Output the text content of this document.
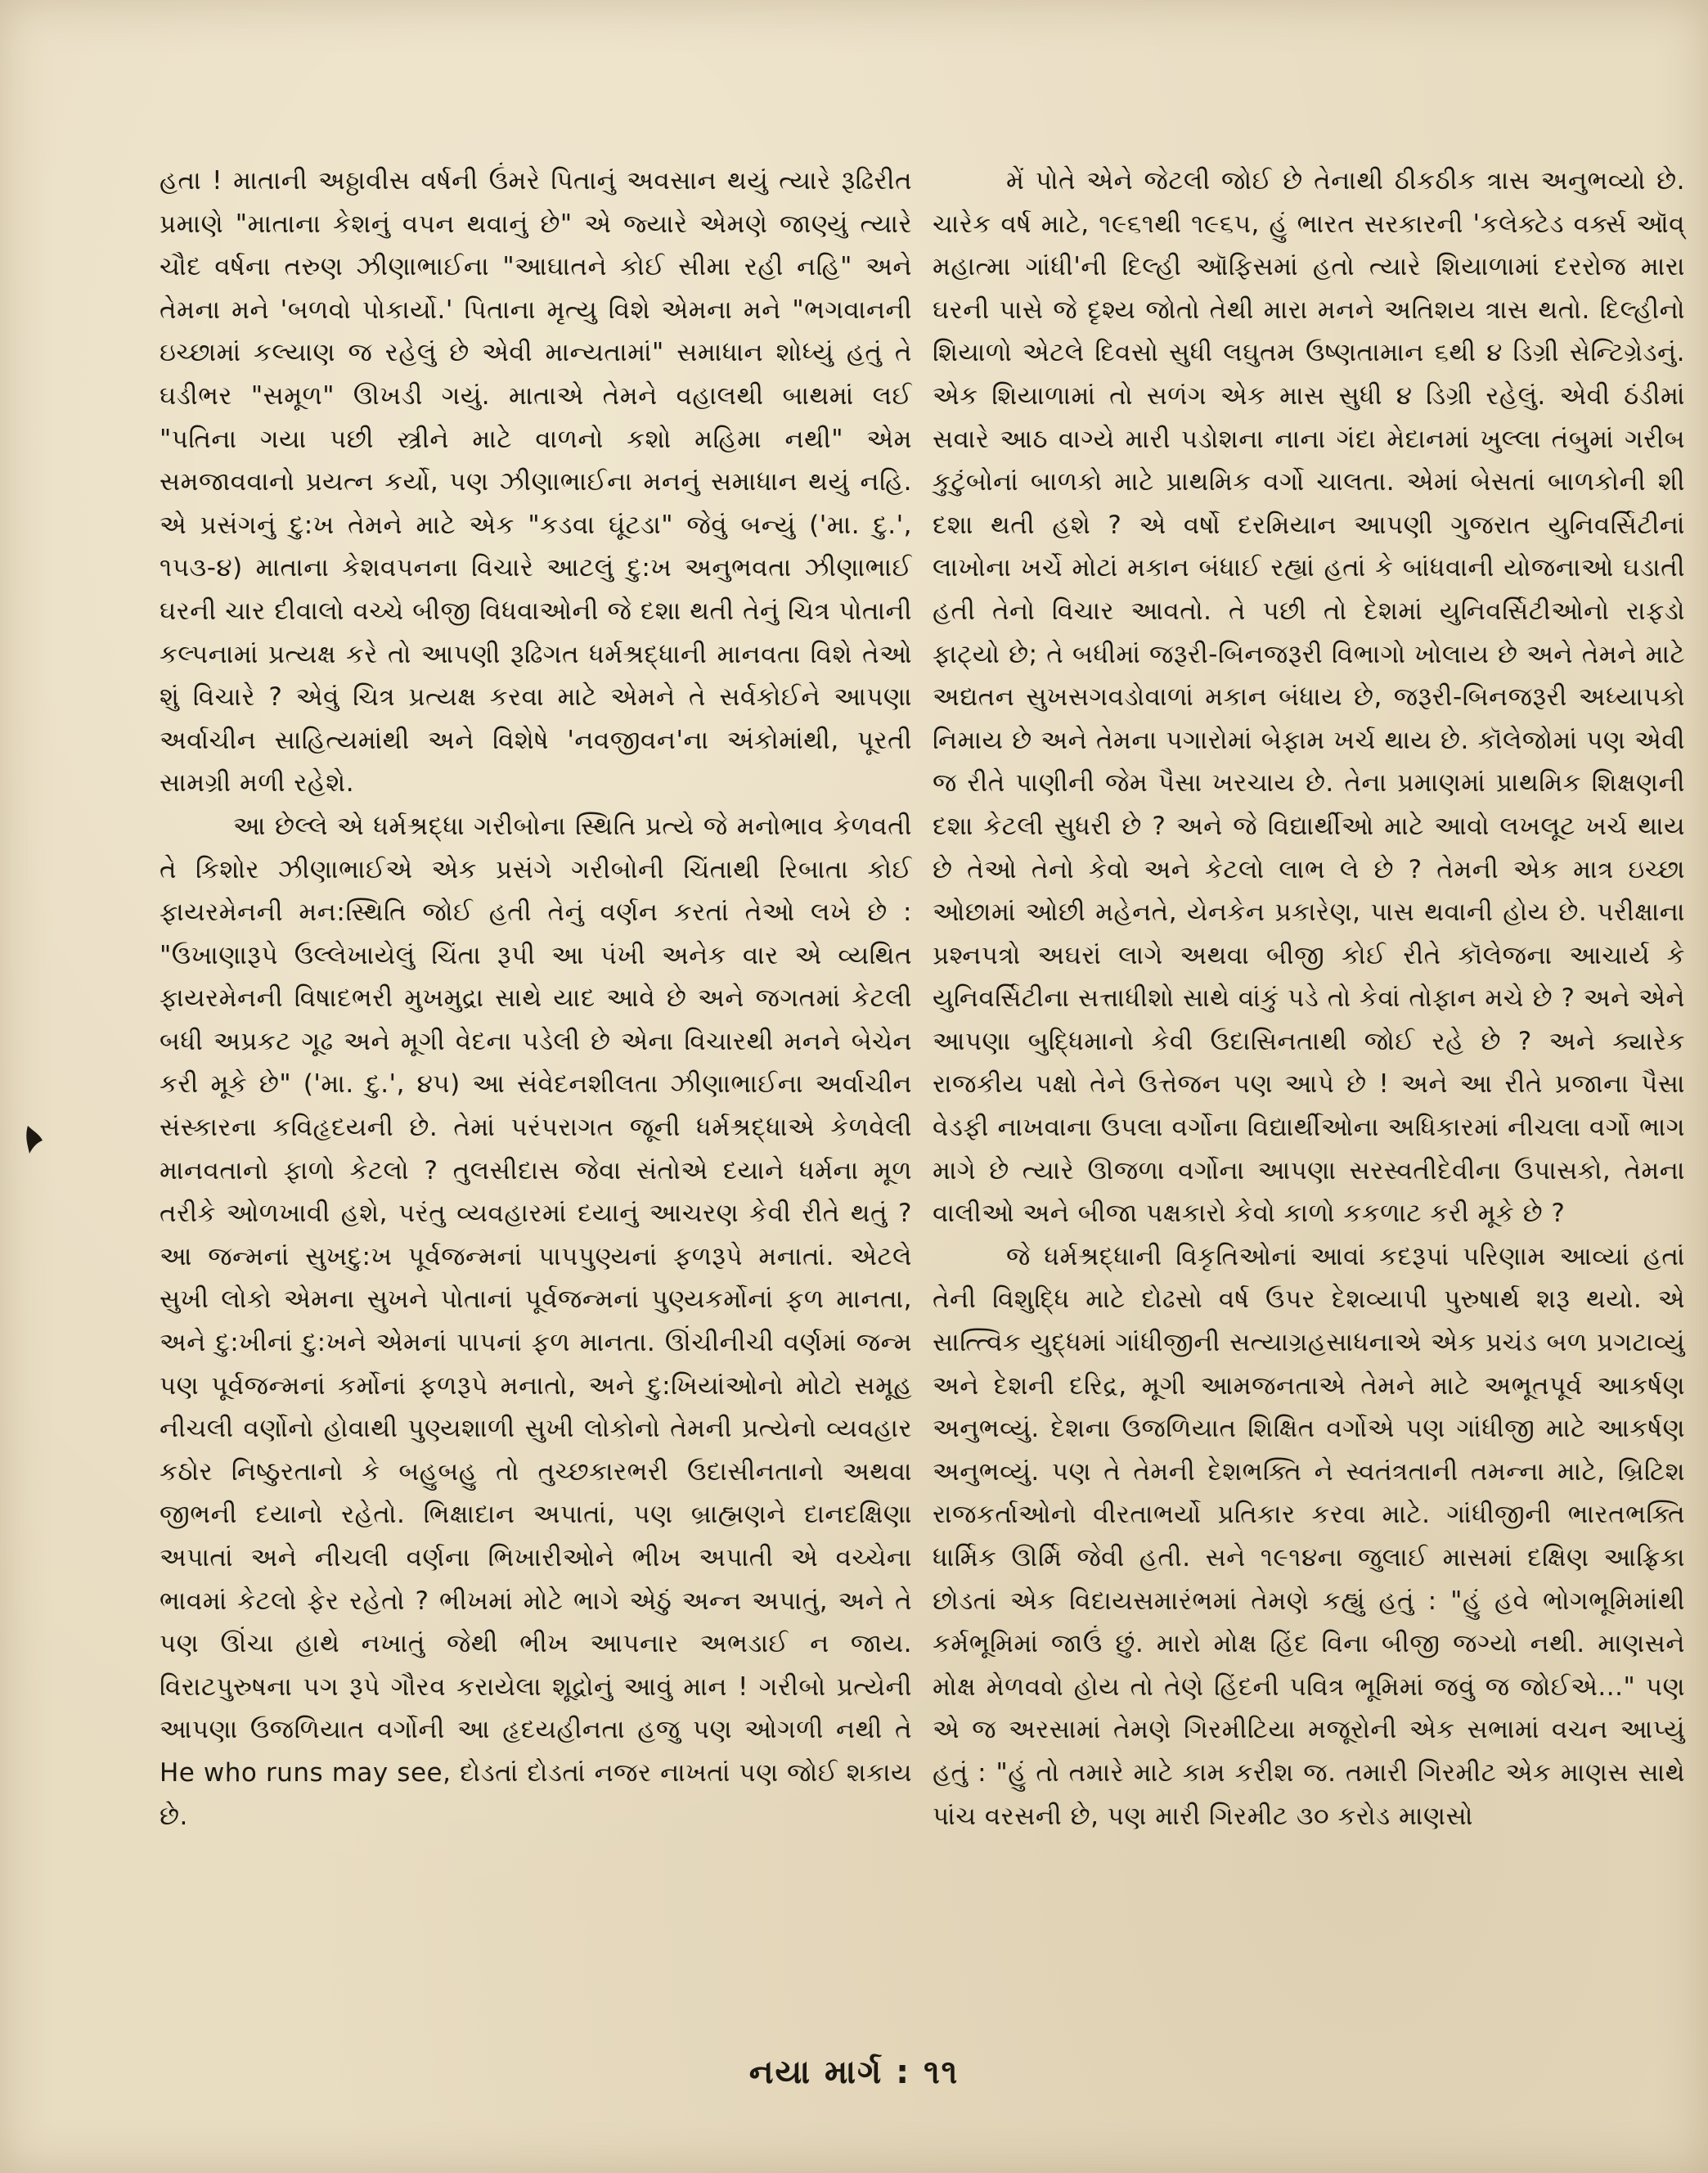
હતા ! માતાની અઠ્ઠાવીસ વર્ષની ઉંમરે પિતાનું અવસાન થયું ત્યારે રૂઢિરીત પ્રમાણે "માતાના કેશનું વપન થવાનું છે" એ જ્યારે એમણે જાણ્યું ત્યારે ચૌદ વર્ષના તરુણ ઝીણાભાઈના "આઘાતને કોઈ સીમા રહી નહિ" અને તેમના મને 'બળવો પોકાર્યો.' પિતાના મૃત્યુ વિશે એમના મને "ભગવાનની ઇચ્છામાં કલ્યાણ જ રહેલું છે એવી માન્યતામાં" સમાધાન શોધ્યું હતું તે ઘડીભર "સમૂળ" ઊખડી ગયું. માતાએ તેમને વહાલથી બાથમાં લઈ "પતિના ગયા પછી સ્ત્રીને માટે વાળનો કશો મહિમા નથી" એમ સમજાવવાનો પ્રયત્ન કર્યો, પણ ઝીણાભાઈના મનનું સમાધાન થયું નહિ. એ પ્રસંગનું દુ:ખ તેમને માટે એક "કડવા ઘૂંટડા" જેવું બન્યું ('મા. દુ.', ૧૫૩-૪) માતાના કેશવપનના વિચારે આટલું દુ:ખ અનુભવતા ઝીણાભાઈ ઘરની ચાર દીવાલો વચ્ચે બીજી વિધવાઓની જે દશા થતી તેનું ચિત્ર પોતાની કલ્પનામાં પ્રત્યક્ષ કરે તો આપણી રૂઢિગત ધર્મશ્રદ્ધાની માનવતા વિશે તેઓ શું વિચારે ? એવું ચિત્ર પ્રત્યક્ષ કરવા માટે એમને તે સર્વકોઈને આપણા અર્વાચીન સાહિત્યમાંથી અને વિશેષે 'નવજીવન'ના અંકોમાંથી, પૂરતી સામગ્રી મળી રહેશે.

આ છેલ્લે એ ધર્મશ્રદ્ધા ગરીબોના સ્થિતિ પ્રત્યે જે મનોભાવ કેળવતી તે કિશોર ઝીણાભાઈએ એક પ્રસંગે ગરીબોની ચિંતાથી રિબાતા કોઈ ફાયરમેનની મન:સ્થિતિ જોઈ હતી તેનું વર્ણન કરતાં તેઓ લખે છે : "ઉખાણારૂપે ઉલ્લેખાયેલું ચિંતા રૂપી આ પંખી અનેક વાર એ વ્યથિત ફાયરમેનની વિષાદભરી મુખમુદ્રા સાથે યાદ આવે છે અને જગતમાં કેટલી બધી અપ્રકટ ગૂઢ અને મૂગી વેદના પડેલી છે એના વિચારથી મનને બેચેન કરી મૂકે છે" ('મા. દુ.', ૪૫) આ સંવેદનશીલતા ઝીણાભાઈના અર્વાચીન સંસ્કારના કવિહૃદયની છે. તેમાં પરંપરાગત જૂની ધર્મશ્રદ્ધાએ કેળવેલી માનવતાનો ફાળો કેટલો ? તુલસીદાસ જેવા સંતોએ દયાને ધર્મના મૂળ તરીકે ઓળખાવી હશે, પરંતુ વ્યવહારમાં દયાનું આચરણ કેવી રીતે થતું ? આ જન્મનાં સુખદુ:ખ પૂર્વજન્મનાં પાપપુણ્યનાં ફળરૂપે મનાતાં. એટલે સુખી લોકો એમના સુખને પોતાનાં પૂર્વજન્મનાં પુણ્યકર્મોનાં ફળ માનતા, અને દુ:ખીનાં દુ:ખને એમનાં પાપનાં ફળ માનતા. ઊંચીનીચી વર્ણમાં જન્મ પણ પૂર્વજન્મનાં કર્મોનાં ફળરૂપે મનાતો, અને દુ:ખિયાંઓનો મોટો સમૂહ નીચલી વર્ણોનો હોવાથી પુણ્યશાળી સુખી લોકોનો તેમની પ્રત્યેનો વ્યવહાર કઠોર નિષ્ઠુરતાનો કે બહુબહુ તો તુચ્છકારભરી ઉદાસીનતાનો અથવા જીભની દયાનો રહેતો. ભિક્ષાદાન અપાતાં, પણ બ્રાહ્મણને દાનદક્ષિણા અપાતાં અને નીચલી વર્ણના ભિખારીઓને ભીખ અપાતી એ વચ્ચેના ભાવમાં કેટલો ફેર રહેતો ? ભીખમાં મોટે ભાગે એઠું અન્ન અપાતું, અને તે પણ ઊંચા હાથે નખાતું જેથી ભીખ આપનાર અભડાઈ ન જાય. વિરાટપુરુષના પગ રૂપે ગૌરવ કરાયેલા શૂદ્રોનું આવું માન ! ગરીબો પ્રત્યેની આપણા ઉજળિયાત વર્ગોની આ હૃદયહીનતા હજુ પણ ઓગળી નથી તે He who runs may see, દોડતાં દોડતાં નજર નાખતાં પણ જોઈ શકાય છે.

મેં પોતે એને જેટલી જોઈ છે તેનાથી ઠીકઠીક ત્રાસ અનુભવ્યો છે. ચારેક વર્ષ માટે, ૧૯૬૧થી ૧૯૬૫, હું ભારત સરકારની 'કલેક્ટેડ વર્ક્સ ઑવ્ મહાત્મા ગાંધી'ની દિલ્હી ઑફિસમાં હતો ત્યારે શિયાળામાં દરરોજ મારા ઘરની પાસે જે દૃશ્ય જોતો તેથી મારા મનને અતિશય ત્રાસ થતો. દિલ્હીનો શિયાળો એટલે દિવસો સુધી લઘુતમ ઉષ્ણતામાન ૬થી ૪ ડિગ્રી સેન્ટિગ્રેડનું. એક શિયાળામાં તો સળંગ એક માસ સુધી ૪ ડિગ્રી રહેલું. એવી ઠંડીમાં સવારે આઠ વાગ્યે મારી પડોશના નાના ગંદા મેદાનમાં ખુલ્લા તંબુમાં ગરીબ કુટુંબોનાં બાળકો માટે પ્રાથમિક વર્ગો ચાલતા. એમાં બેસતાં બાળકોની શી દશા થતી હશે ? એ વર્ષો દરમિયાન આપણી ગુજરાત યુનિવર્સિટીનાં લાખોના ખર્ચે મોટાં મકાન બંધાઈ રહ્યાં હતાં કે બાંધવાની યોજનાઓ ઘડાતી હતી તેનો વિચાર આવતો. તે પછી તો દેશમાં યુનિવર્સિટીઓનો રાફડો ફાટ્યો છે; તે બધીમાં જરૂરી-બિનજરૂરી વિભાગો ખોલાય છે અને તેમને માટે અદ્યતન સુખસગવડોવાળાં મકાન બંધાય છે, જરૂરી-બિનજરૂરી અધ્યાપકો નિમાય છે અને તેમના પગારોમાં બેફામ ખર્ચ થાય છે. કૉલેજોમાં પણ એવી જ રીતે પાણીની જેમ પૈસા ખરચાય છે. તેના પ્રમાણમાં પ્રાથમિક શિક્ષણની દશા કેટલી સુધરી છે ? અને જે વિદ્યાર્થીઓ માટે આવો લખલૂટ ખર્ચ થાય છે તેઓ તેનો કેવો અને કેટલો લાભ લે છે ? તેમની એક માત્ર ઇચ્છા ઓછામાં ઓછી મહેનતે, યેનકેન પ્રકારેણ, પાસ થવાની હોય છે. પરીક્ષાના પ્રશ્નપત્રો અઘરાં લાગે અથવા બીજી કોઈ રીતે કૉલેજના આચાર્ય કે યુનિવર્સિટીના સત્તાધીશો સાથે વાંકું પડે તો કેવાં તોફાન મચે છે ? અને એને આપણા બુદ્ધિમાનો કેવી ઉદાસિનતાથી જોઈ રહે છે ? અને ક્યારેક રાજકીય પક્ષો તેને ઉત્તેજન પણ આપે છે ! અને આ રીતે પ્રજાના પૈસા વેડફી નાખવાના ઉપલા વર્ગોના વિદ્યાર્થીઓના અધિકારમાં નીચલા વર્ગો ભાગ માગે છે ત્યારે ઊજળા વર્ગોના આપણા સરસ્વતીદેવીના ઉપાસકો, તેમના વાલીઓ અને બીજા પક્ષકારો કેવો કાળો કકળાટ કરી મૂકે છે ?

જે ધર્મશ્રદ્ધાની વિકૃતિઓનાં આવાં કદરૂપાં પરિણામ આવ્યાં હતાં તેની વિશુદ્ધિ માટે દોઢસો વર્ષ ઉપર દેશવ્યાપી પુરુષાર્થ શરૂ થયો. એ સાત્ત્વિક યુદ્ધમાં ગાંધીજીની સત્યાગ્રહસાધનાએ એક પ્રચંડ બળ પ્રગટાવ્યું અને દેશની દરિદ્ર, મૂગી આમજનતાએ તેમને માટે અભૂતપૂર્વ આકર્ષણ અનુભવ્યું. દેશના ઉજળિયાત શિક્ષિત વર્ગોએ પણ ગાંધીજી માટે આકર્ષણ અનુભવ્યું. પણ તે તેમની દેશભક્તિ ને સ્વતંત્રતાની તમન્ના માટે, બ્રિટિશ રાજકર્તાઓનો વીરતાભર્યો પ્રતિકાર કરવા માટે. ગાંધીજીની ભારતભક્તિ ધાર્મિક ઊર્મિ જેવી હતી. સને ૧૯૧૪ના જુલાઈ માસમાં દક્ષિણ આફ્રિકા છોડતાં એક વિદાયસમારંભમાં તેમણે કહ્યું હતું : "હું હવે ભોગભૂમિમાંથી કર્મભૂમિમાં જાઉં છું. મારો મોક્ષ હિંદ વિના બીજી જગ્યો નથી. માણસને મોક્ષ મેળવવો હોય તો તેણે હિંદની પવિત્ર ભૂમિમાં જવું જ જોઈએ..." પણ એ જ અરસામાં તેમણે ગિરમીટિયા મજૂરોની એક સભામાં વચન આપ્યું હતું : "હું તો તમારે માટે કામ કરીશ જ. તમારી ગિરમીટ એક માણસ સાથે પાંચ વરસની છે, પણ મારી ગિરમીટ ૩૦ કરોડ માણસો

નયા માર્ગ : ૧૧
